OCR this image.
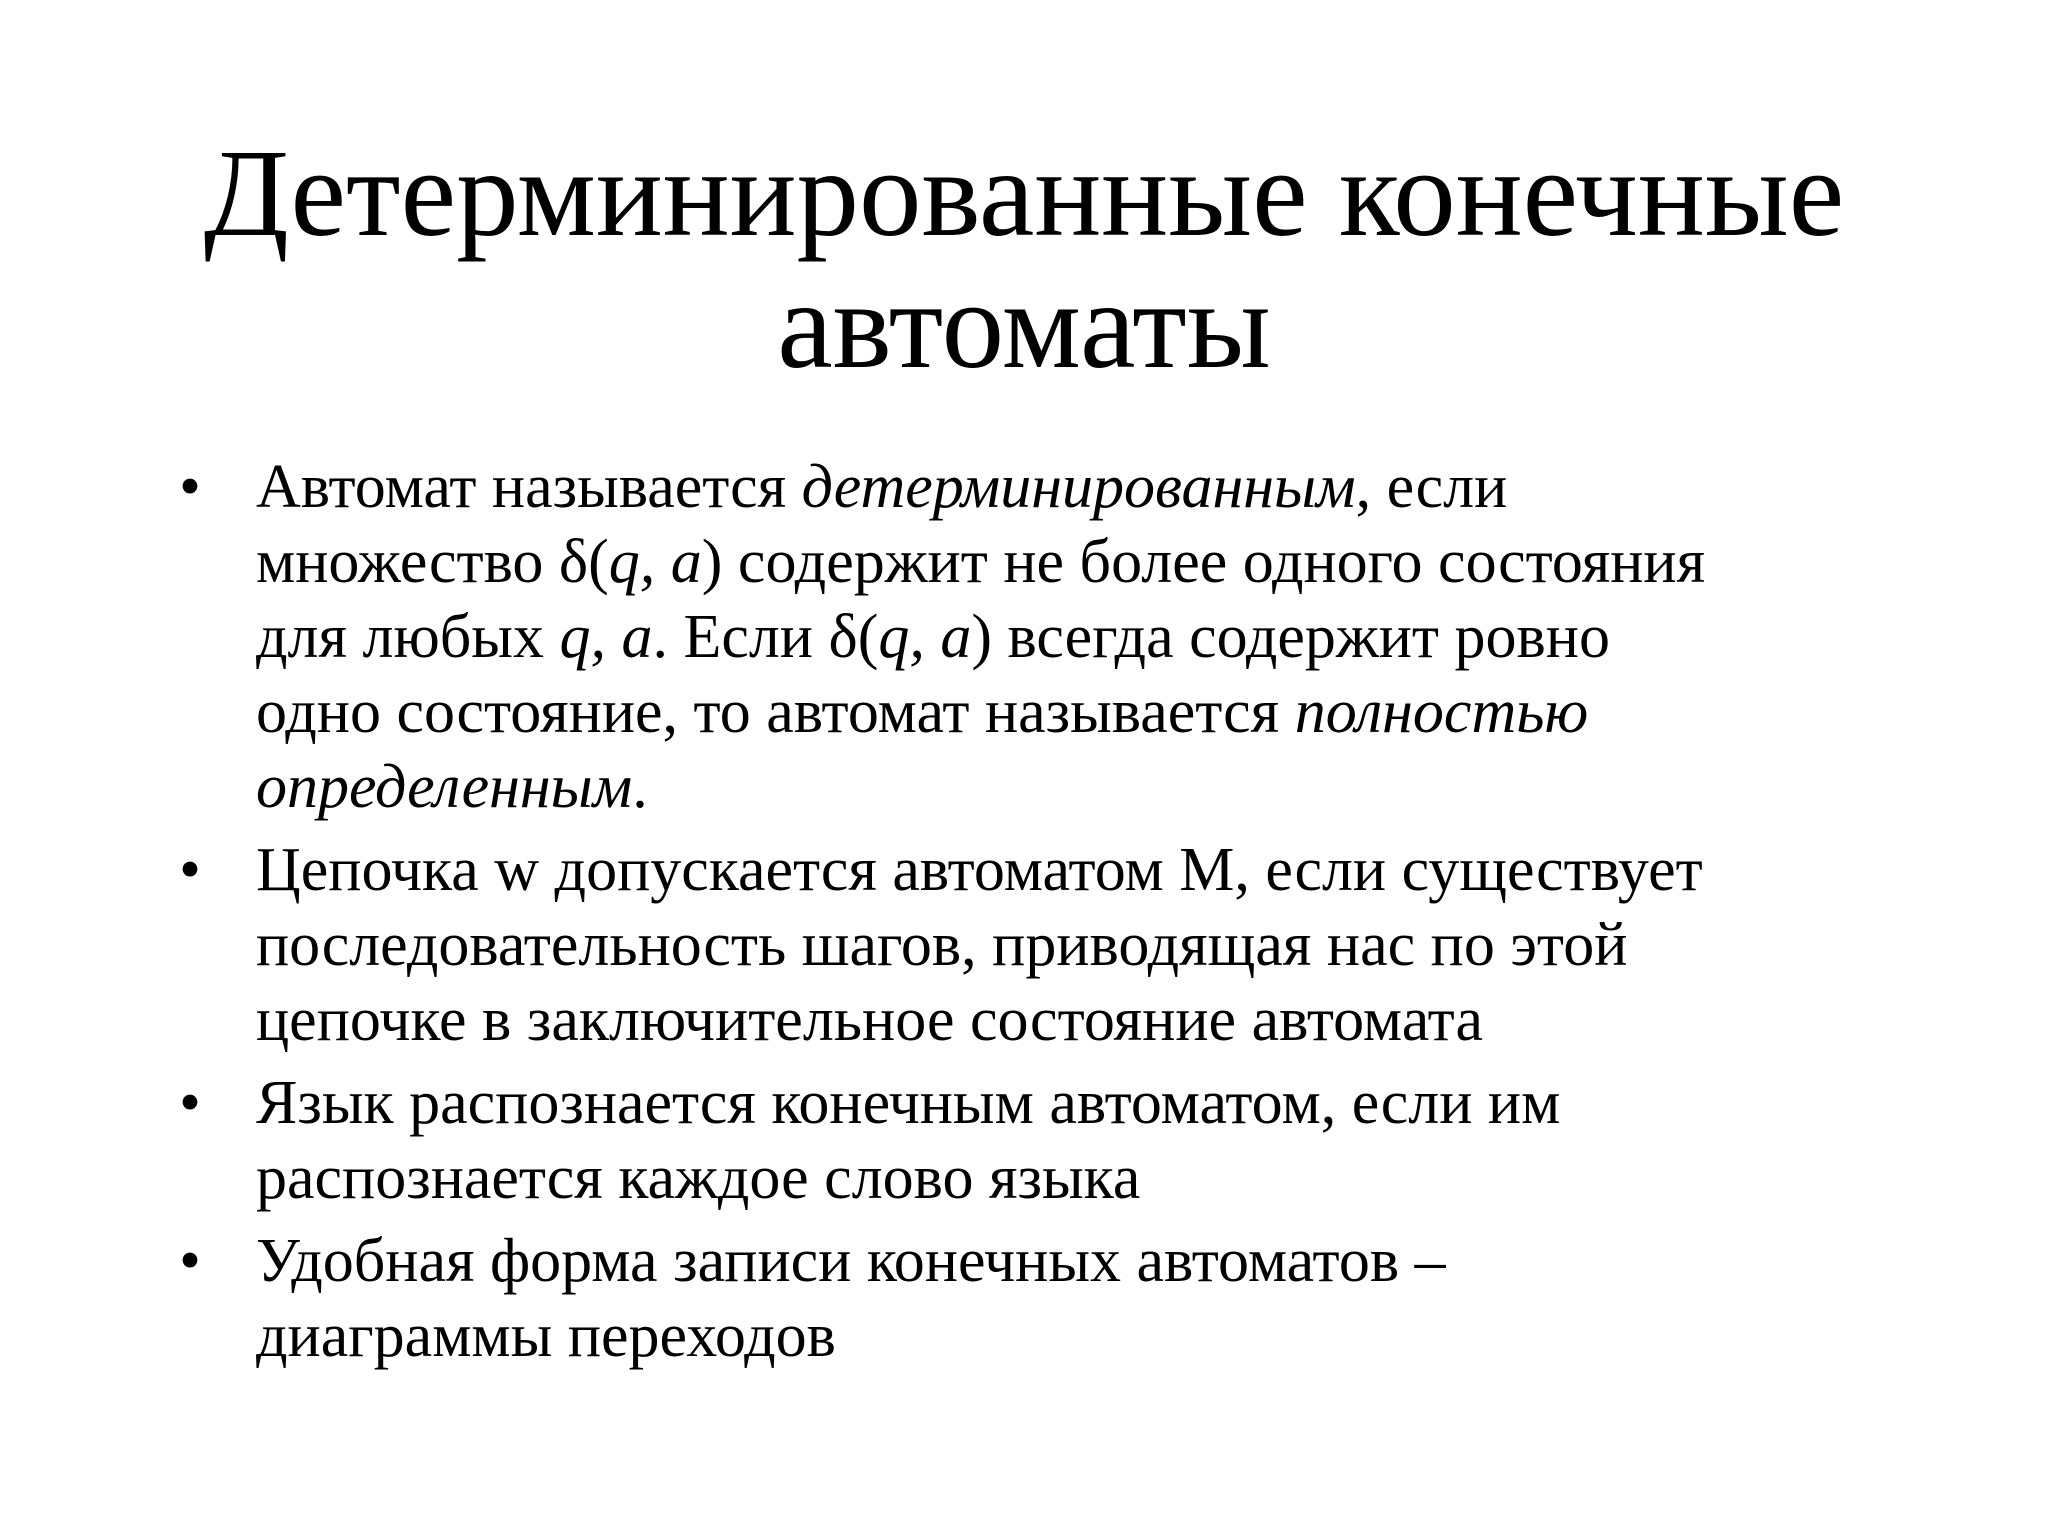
Детерминированные конечные
автоматы
• Автомат называется детерминированным, если
множество δ(q, a) содержит не более одного состояния
для любых q, a. Если δ(q, a) всегда содержит ровно
одно состояние, то автомат называется полностью
определенным.
• Цепочка w допускается автоматом M, если существует
последовательность шагов, приводящая нас по этой
цепочке в заключительное состояние автомата
• Язык распознается конечным автоматом, если им
распознается каждое слово языка
• Удобная форма записи конечных автоматов –
диаграммы переходов
